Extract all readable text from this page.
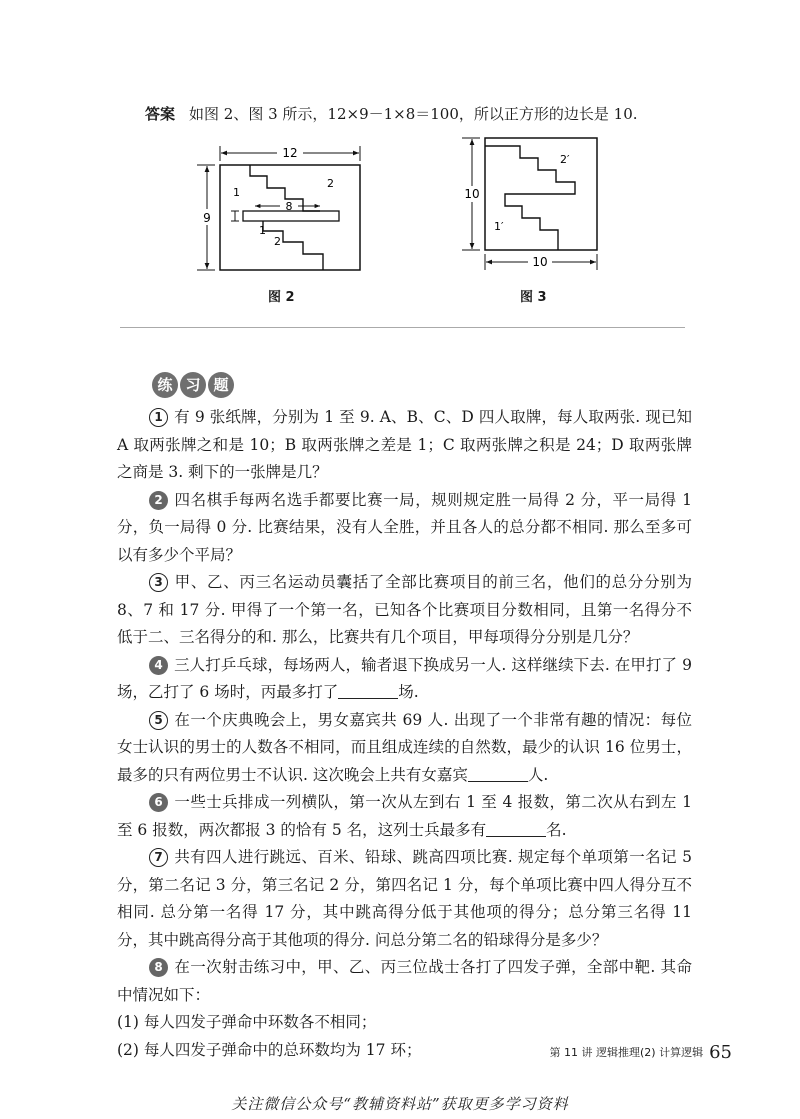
答案 如图 2、图 3 所示，12×9－1×8＝100，所以正方形的边长是 10.
12
9
8
1
2
1
2
图 2
10
10
2′
1′
图 3
练 习 题

1 有 9 张纸牌，分别为 1 至 9. A、B、C、D 四人取牌，每人取两张. 现已知 A 取两张牌之和是 10；B 取两张牌之差是 1；C 取两张牌之积是 24；D 取两张牌之商是 3. 剩下的一张牌是几？

2 四名棋手每两名选手都要比赛一局，规则规定胜一局得 2 分，平一局得 1 分，负一局得 0 分. 比赛结果，没有人全胜，并且各人的总分都不相同. 那么至多可以有多少个平局？

3 甲、乙、丙三名运动员囊括了全部比赛项目的前三名，他们的总分分别为 8、7 和 17 分. 甲得了一个第一名，已知各个比赛项目分数相同，且第一名得分不低于二、三名得分的和. 那么，比赛共有几个项目，甲每项得分分别是几分？

4 三人打乒乓球，每场两人，输者退下换成另一人. 这样继续下去. 在甲打了 9 场，乙打了 6 场时，丙最多打了	场.

5 在一个庆典晚会上，男女嘉宾共 69 人. 出现了一个非常有趣的情况：每位女士认识的男士的人数各不相同，而且组成连续的自然数，最少的认识 16 位男士，最多的只有两位男士不认识. 这次晚会上共有女嘉宾	人.

6 一些士兵排成一列横队，第一次从左到右 1 至 4 报数，第二次从右到左 1 至 6 报数，两次都报 3 的恰有 5 名，这列士兵最多有	名.

7 共有四人进行跳远、百米、铅球、跳高四项比赛. 规定每个单项第一名记 5 分，第二名记 3 分，第三名记 2 分，第四名记 1 分，每个单项比赛中四人得分互不相同. 总分第一名得 17 分，其中跳高得分低于其他项的得分；总分第三名得 11 分，其中跳高得分高于其他项的得分. 问总分第二名的铅球得分是多少？

8 在一次射击练习中，甲、乙、丙三位战士各打了四发子弹，全部中靶. 其命中情况如下：

(1) 每人四发子弹命中环数各不相同；

(2) 每人四发子弹命中的总环数均为 17 环；	第 11 讲 逻辑推理(2) 计算逻辑 65
关注微信公众号“教辅资料站”获取更多学习资料
